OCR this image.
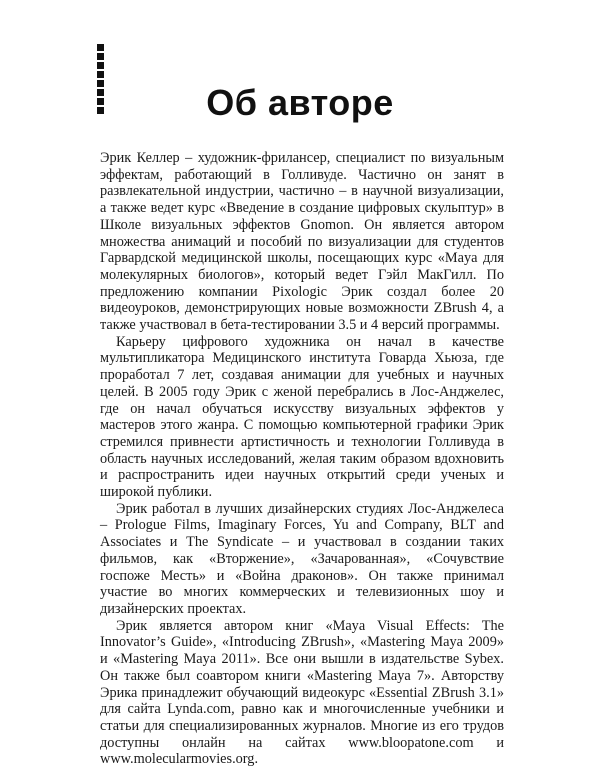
Об авторе

Эрик Келлер – художник-фрилансер, специалист по визуальным эффектам, работающий в Голливуде. Частично он занят в развлекательной индустрии, частично – в научной визуализации, а также ведет курс «Введение в создание цифровых скульптур» в Школе визуальных эффектов Gnomon. Он является автором множества анимаций и пособий по визуализации для студентов Гарвардской медицинской школы, посещающих курс «Maya для молекулярных биологов», который ведет Гэйл МакГилл. По предложению компании Pixologic Эрик создал более 20 видеоуроков, демонстрирующих новые возможности ZBrush 4, а также участвовал в бета-тестировании 3.5 и 4 версий программы.

Карьеру цифрового художника он начал в качестве мультипликатора Медицинского института Говарда Хьюза, где проработал 7 лет, создавая анимации для учебных и научных целей. В 2005 году Эрик с женой перебрались в Лос-Анджелес, где он начал обучаться искусству визуальных эффектов у мастеров этого жанра. С помощью компьютерной графики Эрик стремился привнести артистичность и технологии Голливуда в область научных исследований, желая таким образом вдохновить и распространить идеи научных открытий среди ученых и широкой публики.

Эрик работал в лучших дизайнерских студиях Лос-Анджелеса – Prologue Films, Imaginary Forces, Yu and Company, BLT and Associates и The Syndicate – и участвовал в создании таких фильмов, как «Вторжение», «Зачарованная», «Сочувствие госпоже Месть» и «Война драконов». Он также принимал участие во многих коммерческих и телевизионных шоу и дизайнерских проектах.

Эрик является автором книг «Maya Visual Effects: The Innovator’s Guide», «Introducing ZBrush», «Mastering Maya 2009» и «Mastering Maya 2011». Все они вышли в издательстве Sybex. Он также был соавтором книги «Mastering Maya 7». Авторству Эрика принадлежит обучающий видеокурс «Essential ZBrush 3.1» для сайта Lynda.com, равно как и многочисленные учебники и статьи для специализированных журналов. Многие из его трудов доступны онлайн на сайтах www.bloopatone.com и www.molecularmovies.org.
